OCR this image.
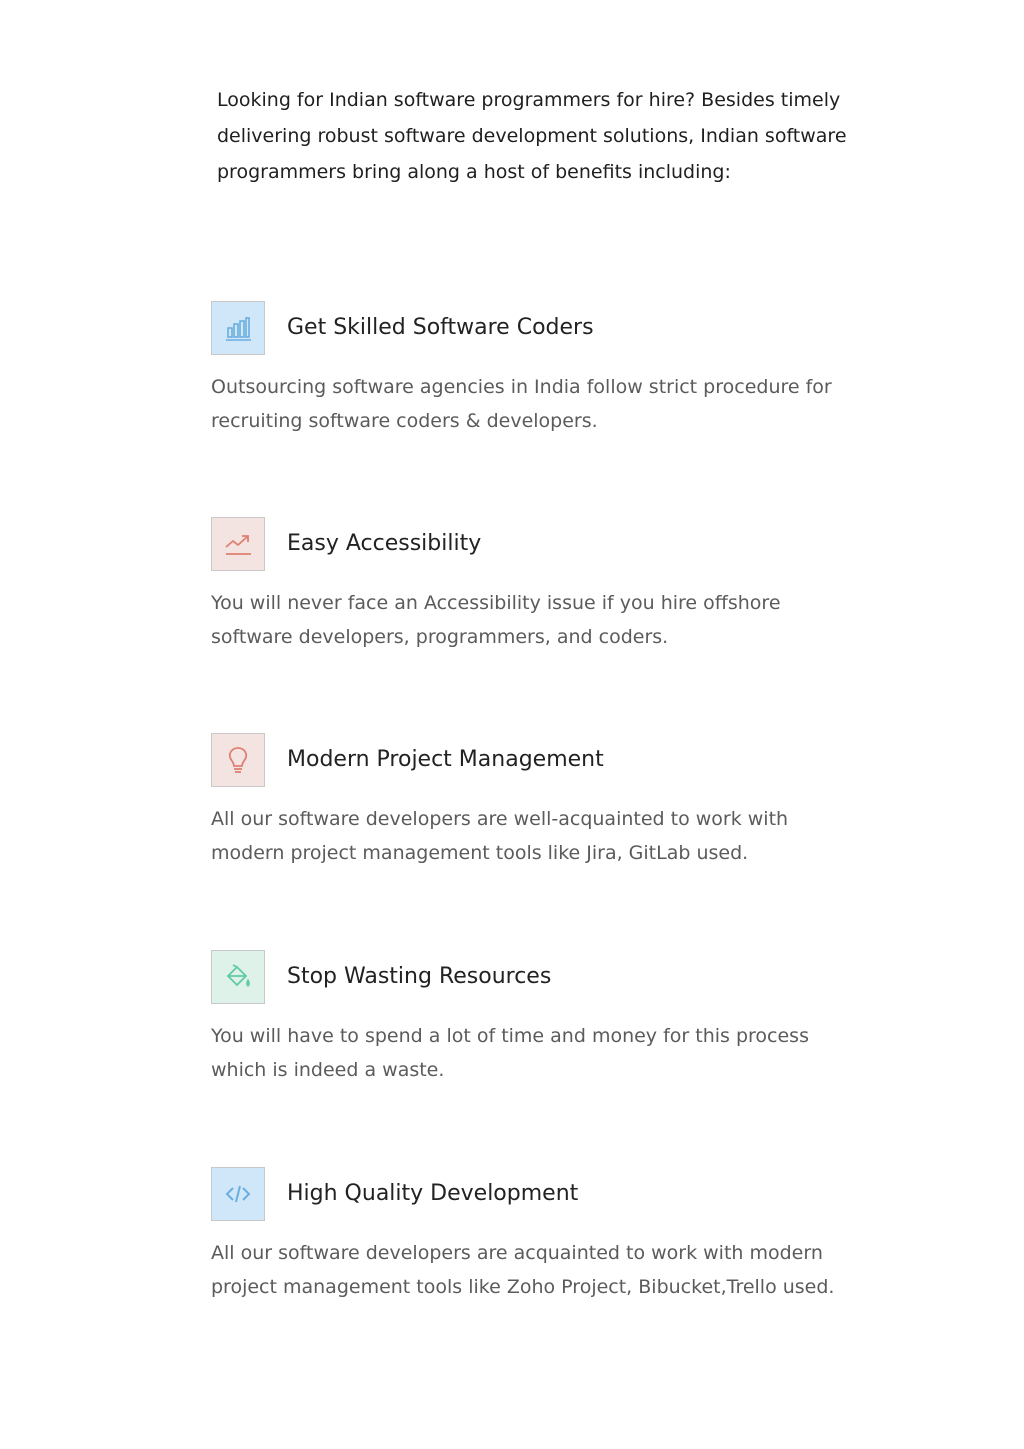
Looking for Indian software programmers for hire? Besides timely delivering robust software development solutions, Indian software programmers bring along a host of benefits including:

Get Skilled Software Coders

Outsourcing software agencies in India follow strict procedure for recruiting software coders & developers.

Easy Accessibility

You will never face an Accessibility issue if you hire offshore software developers, programmers, and coders.

Modern Project Management

All our software developers are well-acquainted to work with modern project management tools like Jira, GitLab used.

Stop Wasting Resources

You will have to spend a lot of time and money for this process which is indeed a waste.

High Quality Development

All our software developers are acquainted to work with modern project management tools like Zoho Project, Bibucket,Trello used.
